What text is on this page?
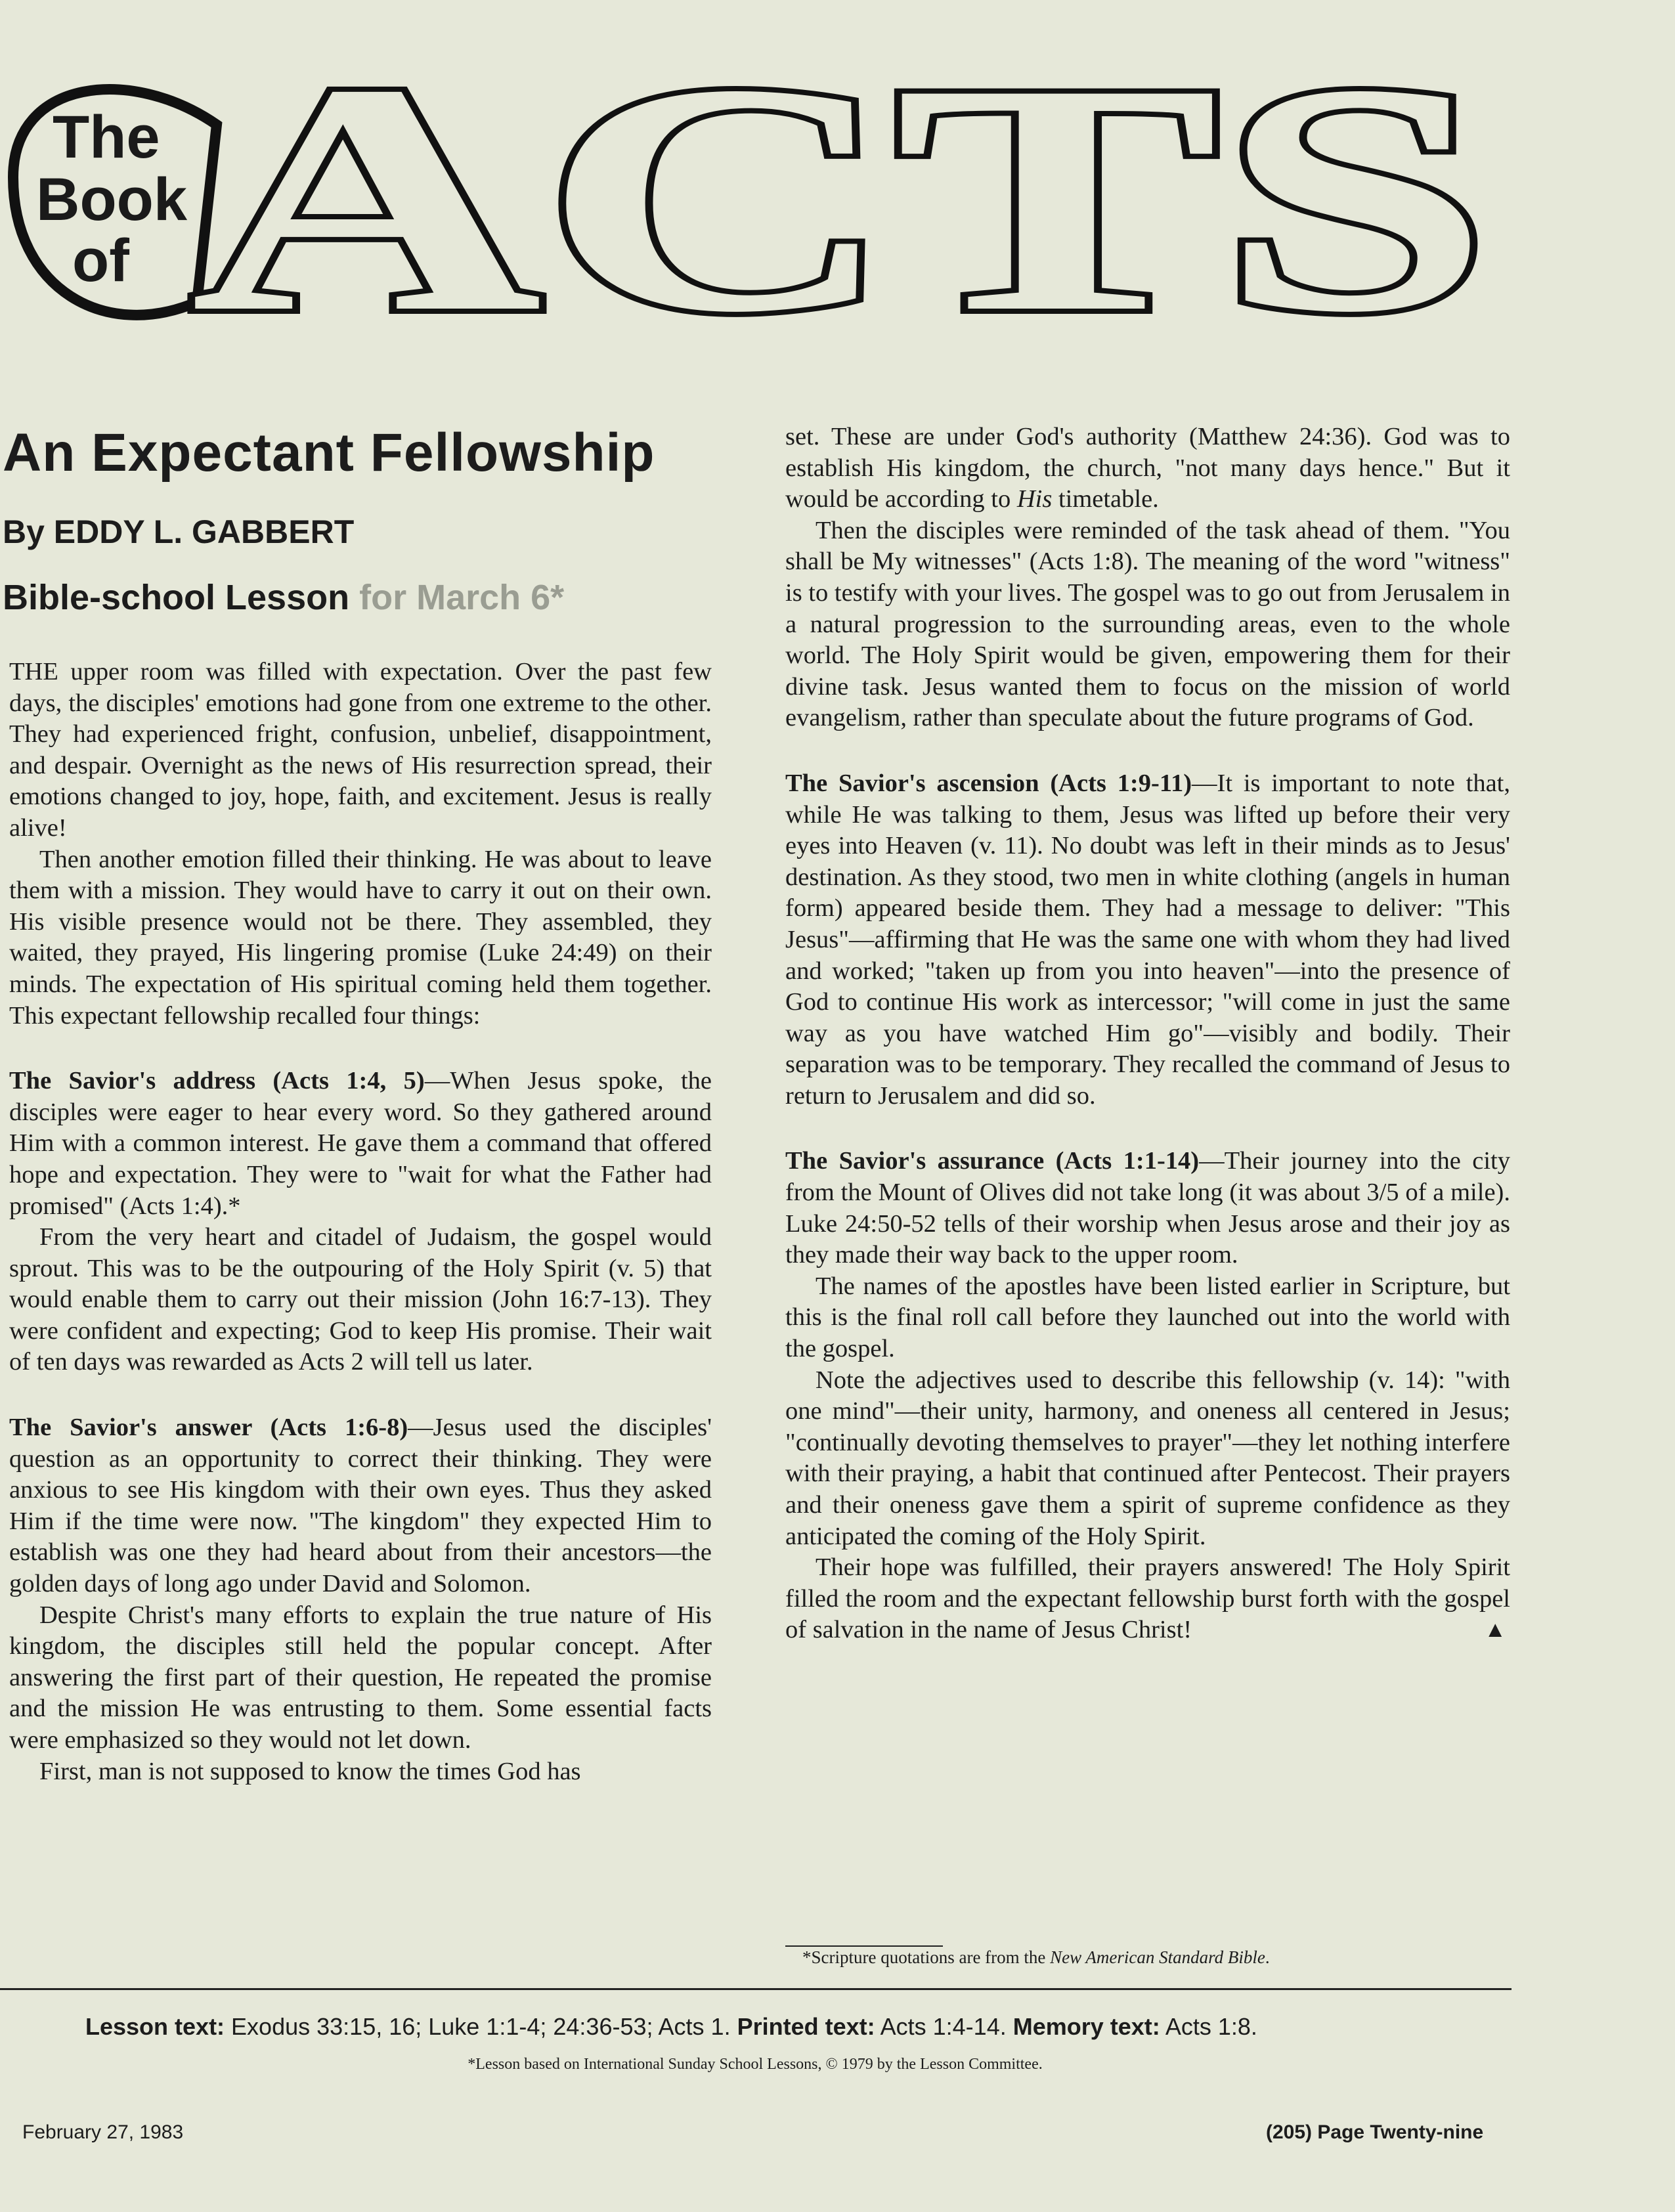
The
Book
of ACTS
An Expectant Fellowship
By EDDY L. GABBERT
Bible-school Lesson for March 6*

THE upper room was filled with expectation. Over the past few days, the disciples' emotions had gone from one extreme to the other. They had experienced fright, confusion, unbelief, disappointment, and despair. Overnight as the news of His resurrection spread, their emotions changed to joy, hope, faith, and excitement. Jesus is really alive!

Then another emotion filled their thinking. He was about to leave them with a mission. They would have to carry it out on their own. His visible presence would not be there. They assembled, they waited, they prayed, His lingering promise (Luke 24:49) on their minds. The expectation of His spiritual coming held them together. This expectant fellowship recalled four things:

The Savior's address (Acts 1:4, 5)—When Jesus spoke, the disciples were eager to hear every word. So they gathered around Him with a common interest. He gave them a command that offered hope and expectation. They were to "wait for what the Father had promised" (Acts 1:4).*

From the very heart and citadel of Judaism, the gospel would sprout. This was to be the outpouring of the Holy Spirit (v. 5) that would enable them to carry out their mission (John 16:7-13). They were confident and expecting; God to keep His promise. Their wait of ten days was rewarded as Acts 2 will tell us later.

The Savior's answer (Acts 1:6-8)—Jesus used the disciples' question as an opportunity to correct their thinking. They were anxious to see His kingdom with their own eyes. Thus they asked Him if the time were now. "The kingdom" they expected Him to establish was one they had heard about from their ancestors—the golden days of long ago under David and Solomon.

Despite Christ's many efforts to explain the true nature of His kingdom, the disciples still held the popular concept. After answering the first part of their question, He repeated the promise and the mission He was entrusting to them. Some essential facts were emphasized so they would not let down.

First, man is not supposed to know the times God has

set. These are under God's authority (Matthew 24:36). God was to establish His kingdom, the church, "not many days hence." But it would be according to His timetable.

Then the disciples were reminded of the task ahead of them. "You shall be My witnesses" (Acts 1:8). The meaning of the word "witness" is to testify with your lives. The gospel was to go out from Jerusalem in a natural progression to the surrounding areas, even to the whole world. The Holy Spirit would be given, empowering them for their divine task. Jesus wanted them to focus on the mission of world evangelism, rather than speculate about the future programs of God.

The Savior's ascension (Acts 1:9-11)—It is important to note that, while He was talking to them, Jesus was lifted up before their very eyes into Heaven (v. 11). No doubt was left in their minds as to Jesus' destination. As they stood, two men in white clothing (angels in human form) appeared beside them. They had a message to deliver: "This Jesus"—affirming that He was the same one with whom they had lived and worked; "taken up from you into heaven"—into the presence of God to continue His work as intercessor; "will come in just the same way as you have watched Him go"—visibly and bodily. Their separation was to be temporary. They recalled the command of Jesus to return to Jerusalem and did so.

The Savior's assurance (Acts 1:1-14)—Their journey into the city from the Mount of Olives did not take long (it was about 3/5 of a mile). Luke 24:50-52 tells of their worship when Jesus arose and their joy as they made their way back to the upper room.

The names of the apostles have been listed earlier in Scripture, but this is the final roll call before they launched out into the world with the gospel.

Note the adjectives used to describe this fellowship (v. 14): "with one mind"—their unity, harmony, and oneness all centered in Jesus; "continually devoting themselves to prayer"—they let nothing interfere with their praying, a habit that continued after Pentecost. Their prayers and their oneness gave them a spirit of supreme confidence as they anticipated the coming of the Holy Spirit.

Their hope was fulfilled, their prayers answered! The Holy Spirit filled the room and the expectant fellowship burst forth with the gospel of salvation in the name of Jesus Christ!	▲

*Scripture quotations are from the New American Standard Bible.
Lesson text: Exodus 33:15, 16; Luke 1:1-4; 24:36-53; Acts 1. Printed text: Acts 1:4-14. Memory text: Acts 1:8.
*Lesson based on International Sunday School Lessons, © 1979 by the Lesson Committee.
February 27, 1983	(205) Page Twenty-nine
